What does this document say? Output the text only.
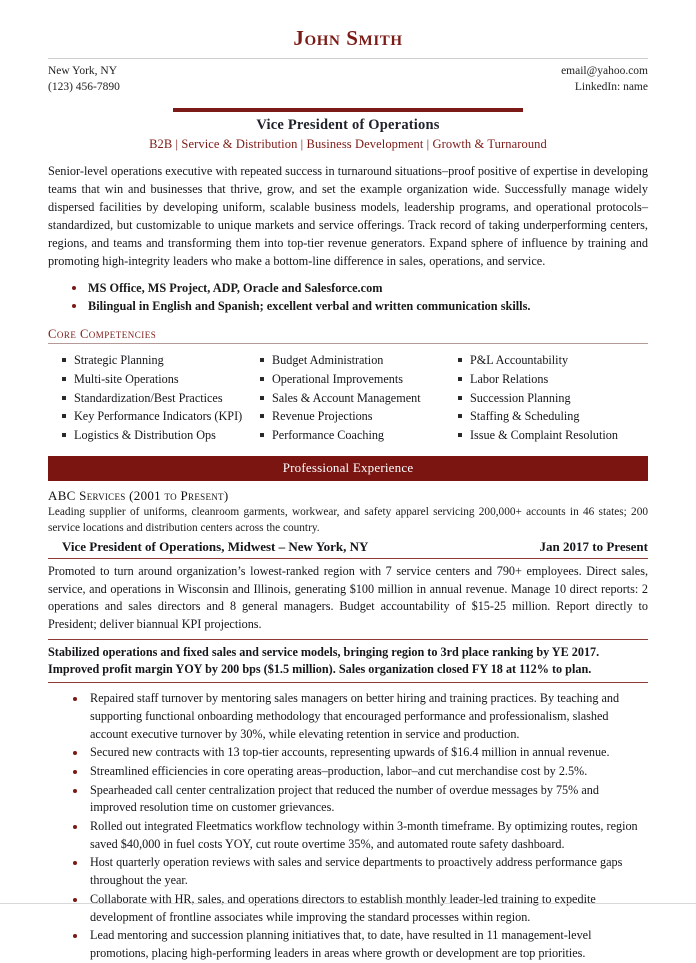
John Smith
New York, NY
(123) 456-7890
email@yahoo.com
LinkedIn: name
Vice President of Operations
B2B | Service & Distribution | Business Development | Growth & Turnaround
Senior-level operations executive with repeated success in turnaround situations–proof positive of expertise in developing teams that win and businesses that thrive, grow, and set the example organization wide. Successfully manage widely dispersed facilities by developing uniform, scalable business models, leadership programs, and operational protocols–standardized, but customizable to unique markets and service offerings. Track record of taking underperforming centers, regions, and teams and transforming them into top-tier revenue generators. Expand sphere of influence by training and promoting high-integrity leaders who make a bottom-line difference in sales, operations, and service.
MS Office, MS Project, ADP, Oracle and Salesforce.com
Bilingual in English and Spanish; excellent verbal and written communication skills.
Core Competencies
Strategic Planning
Multi-site Operations
Standardization/Best Practices
Key Performance Indicators (KPI)
Logistics & Distribution Ops
Budget Administration
Operational Improvements
Sales & Account Management
Revenue Projections
Performance Coaching
P&L Accountability
Labor Relations
Succession Planning
Staffing & Scheduling
Issue & Complaint Resolution
Professional Experience
ABC Services (2001 to Present)
Leading supplier of uniforms, cleanroom garments, workwear, and safety apparel servicing 200,000+ accounts in 46 states; 200 service locations and distribution centers across the country.
Vice President of Operations, Midwest – New York, NY	Jan 2017 to Present
Promoted to turn around organization’s lowest-ranked region with 7 service centers and 790+ employees. Direct sales, service, and operations in Wisconsin and Illinois, generating $100 million in annual revenue. Manage 10 direct reports: 2 operations and sales directors and 8 general managers. Budget accountability of $15-25 million. Report directly to President; deliver biannual KPI projections.
Stabilized operations and fixed sales and service models, bringing region to 3rd place ranking by YE 2017. Improved profit margin YOY by 200 bps ($1.5 million). Sales organization closed FY 18 at 112% to plan.
Repaired staff turnover by mentoring sales managers on better hiring and training practices. By teaching and supporting functional onboarding methodology that encouraged performance and professionalism, slashed account executive turnover by 30%, while elevating retention in service and production.
Secured new contracts with 13 top-tier accounts, representing upwards of $16.4 million in annual revenue.
Streamlined efficiencies in core operating areas–production, labor–and cut merchandise cost by 2.5%.
Spearheaded call center centralization project that reduced the number of overdue messages by 75% and improved resolution time on customer grievances.
Rolled out integrated Fleetmatics workflow technology within 3-month timeframe. By optimizing routes, region saved $40,000 in fuel costs YOY, cut route overtime 35%, and automated route safety dashboard.
Host quarterly operation reviews with sales and service departments to proactively address performance gaps throughout the year.
Collaborate with HR, sales, and operations directors to establish monthly leader-led training to expedite development of frontline associates while improving the standard processes within region.
Lead mentoring and succession planning initiatives that, to date, have resulted in 11 management-level promotions, placing high-performing leaders in areas where growth or development are top priorities.
